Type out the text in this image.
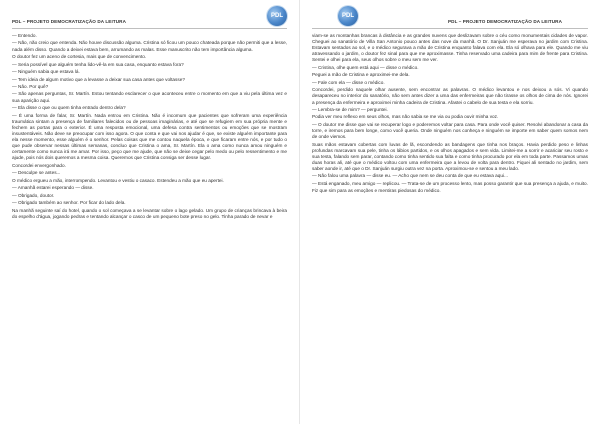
PDL – PROJETO DEMOCRATIZAÇÃO DA LEITURA
PDL

— Entendo.

— Não, não creio que entenda. Não houve discussão alguma. Cristina só ficou um pouco chateada porque não permiti que a lesse, nada além disso. Quando a deixei estava bem, arrumando as malas. Esse manuscrito não tem importância alguma.

O doutor fez um aceno de cortesia, mais que de convencimento.

— Seria possível que alguém tenha lido-vê-la em sua casa, enquanto estava fora?

— Ninguém sabia que estava lá.

— Tem ideia de algum motivo que a levasse a deixar sua casa antes que voltasse?

— Não. Por quê?

— São apenas perguntas, Sr. Martín. Estou tentando esclarecer o que aconteceu entre o momento em que a viu pela última vez e sua aparição aqui.

— Ela disse o que ou quem tinha entrado dentro dela?

— É uma forma de falar, Sr. Martín. Nada entrou em Cristina. Não é incomum que pacientes que sofreram uma experiência traumática sintam a presença de familiares falecidos ou de pessoas imaginárias, e até que se refugiem em sua própria mente e fechem as portas para o exterior. É uma resposta emocional, uma defesa contra sentimentos ou emoções que se mostram insustentáveis. Não deve se preocupar com isso agora. O que conta e que vai nos ajudar é que, se existe alguém importante para ela nesse momento, esse alguém é o senhor. Pelas coisas que me contou naquela época, e que ficaram entre nós, e por tudo o que pude observar nessas últimas semanas, concluo que Cristina o ama, Sr. Martín. Ela o ama como nunca amou ninguém e certamente como nunca irá me amar. Por isso, peço que me ajude, que não se deixe cegar pelo medo ou pelo ressentimento e me ajude, pois nós dois queremos a mesma coisa. Queremos que Cristina consiga ser desse lugar.

Concordei envergonhado.

— Desculpe se antes...

O médico ergueu a mão, interrompendo. Levantou e vestiu o casaco. Estendeu a mão que eu apertei.

— Amanhã estarei esperando — disse.

— Obrigado, doutor.

— Obrigado também ao senhor. Por ficar do lado dela.

Na manhã seguinte saí do hotel, quando o sol começava a se levantar sobre o lago gelado. Um grupo de crianças brincava à beira do espelho d'água, jogando pedras e tentando alcançar o casco de um pequeno bote preso no gelo. Tinha parado de nevar e

PDL
PDL – PROJETO DEMOCRATIZAÇÃO DA LEITURA

viam-se as montanhas brancas à distância e as grandes nuvens que deslizavam sobre o céu como monumentais cidades de vapor. Cheguei ao sanatório de Villa San Antonio pouco antes das nove da manhã. O Dr. Sanjuán me esperava no jardim com Cristina. Estavam sentados ao sol, e o médico segurava a mão de Cristina enquanto falava com ela. Ela só olhava para ele. Quando me viu atravessando o jardim, o doutor fez sinal para que me aproximasse. Tinha reservado uma cadeira para mim de frente para Cristina. Sentei e olhei para ela, seus olhos sobre o meu sem me ver.

— Cristina, olhe quem está aqui — disse o médico.

Peguei a mão de Cristina e aproximei-me dela.

— Fale com ela — disse o médico.

Concordei, perdido naquele olhar ausente, sem encontrar as palavras. O médico levantou e nos deixou a sós. Vi quando desapareceu no interior do sanatório, não sem antes dizer a uma das enfermeiras que não tirasse os olhos de cima de nós. Ignorei a presença da enfermeira e aproximei minha cadeira de Cristina. Afastei o cabelo de sua testa e ela sorriu.

— Lembra-se de mim? — perguntei.

Podia ver meu reflexo em seus olhos, mas não sabia se me via ou podia ouvir minha voz.

— O doutor me disse que vai se recuperar logo e poderemos voltar para casa. Para onde você quiser. Resolvi abandonar a casa da torre, e iremos para bem longe, como você queria. Onde ninguém nos conheça e ninguém se importe em saber quem somos nem de onde viemos.

Suas mãos estavam cobertas com luvas de lã, escondendo as bandagens que tinha nos braços. Havia perdido peso e linhas profundas marcavam sua pele, tinha os lábios partidos, e os olhos apagados e sem vida. Limitei-me a sorrir e acariciar seu rosto e sua testa, falando sem parar, contando como tinha sentido sua falta e como tinha procurado por ela em toda parte. Passamos umas duas horas ali, até que o médico voltou com uma enfermeira que a levou de volta para dentro. Fiquei ali sentado no jardim, sem saber aonde ir, até que o Dr. Sanjuán surgiu outra vez na porta. Aproximou-se e sentou a meu lado.

— Não falou uma palavra — disse eu. — Acho que nem se deu conta de que eu estava aqui...

— Está enganado, meu amigo — replicou. — Trata-se de um processo lento, mas posso garantir que sua presença a ajuda, e muito.

Fiz que sim para as emoções e mentiras piedosas do médico.
